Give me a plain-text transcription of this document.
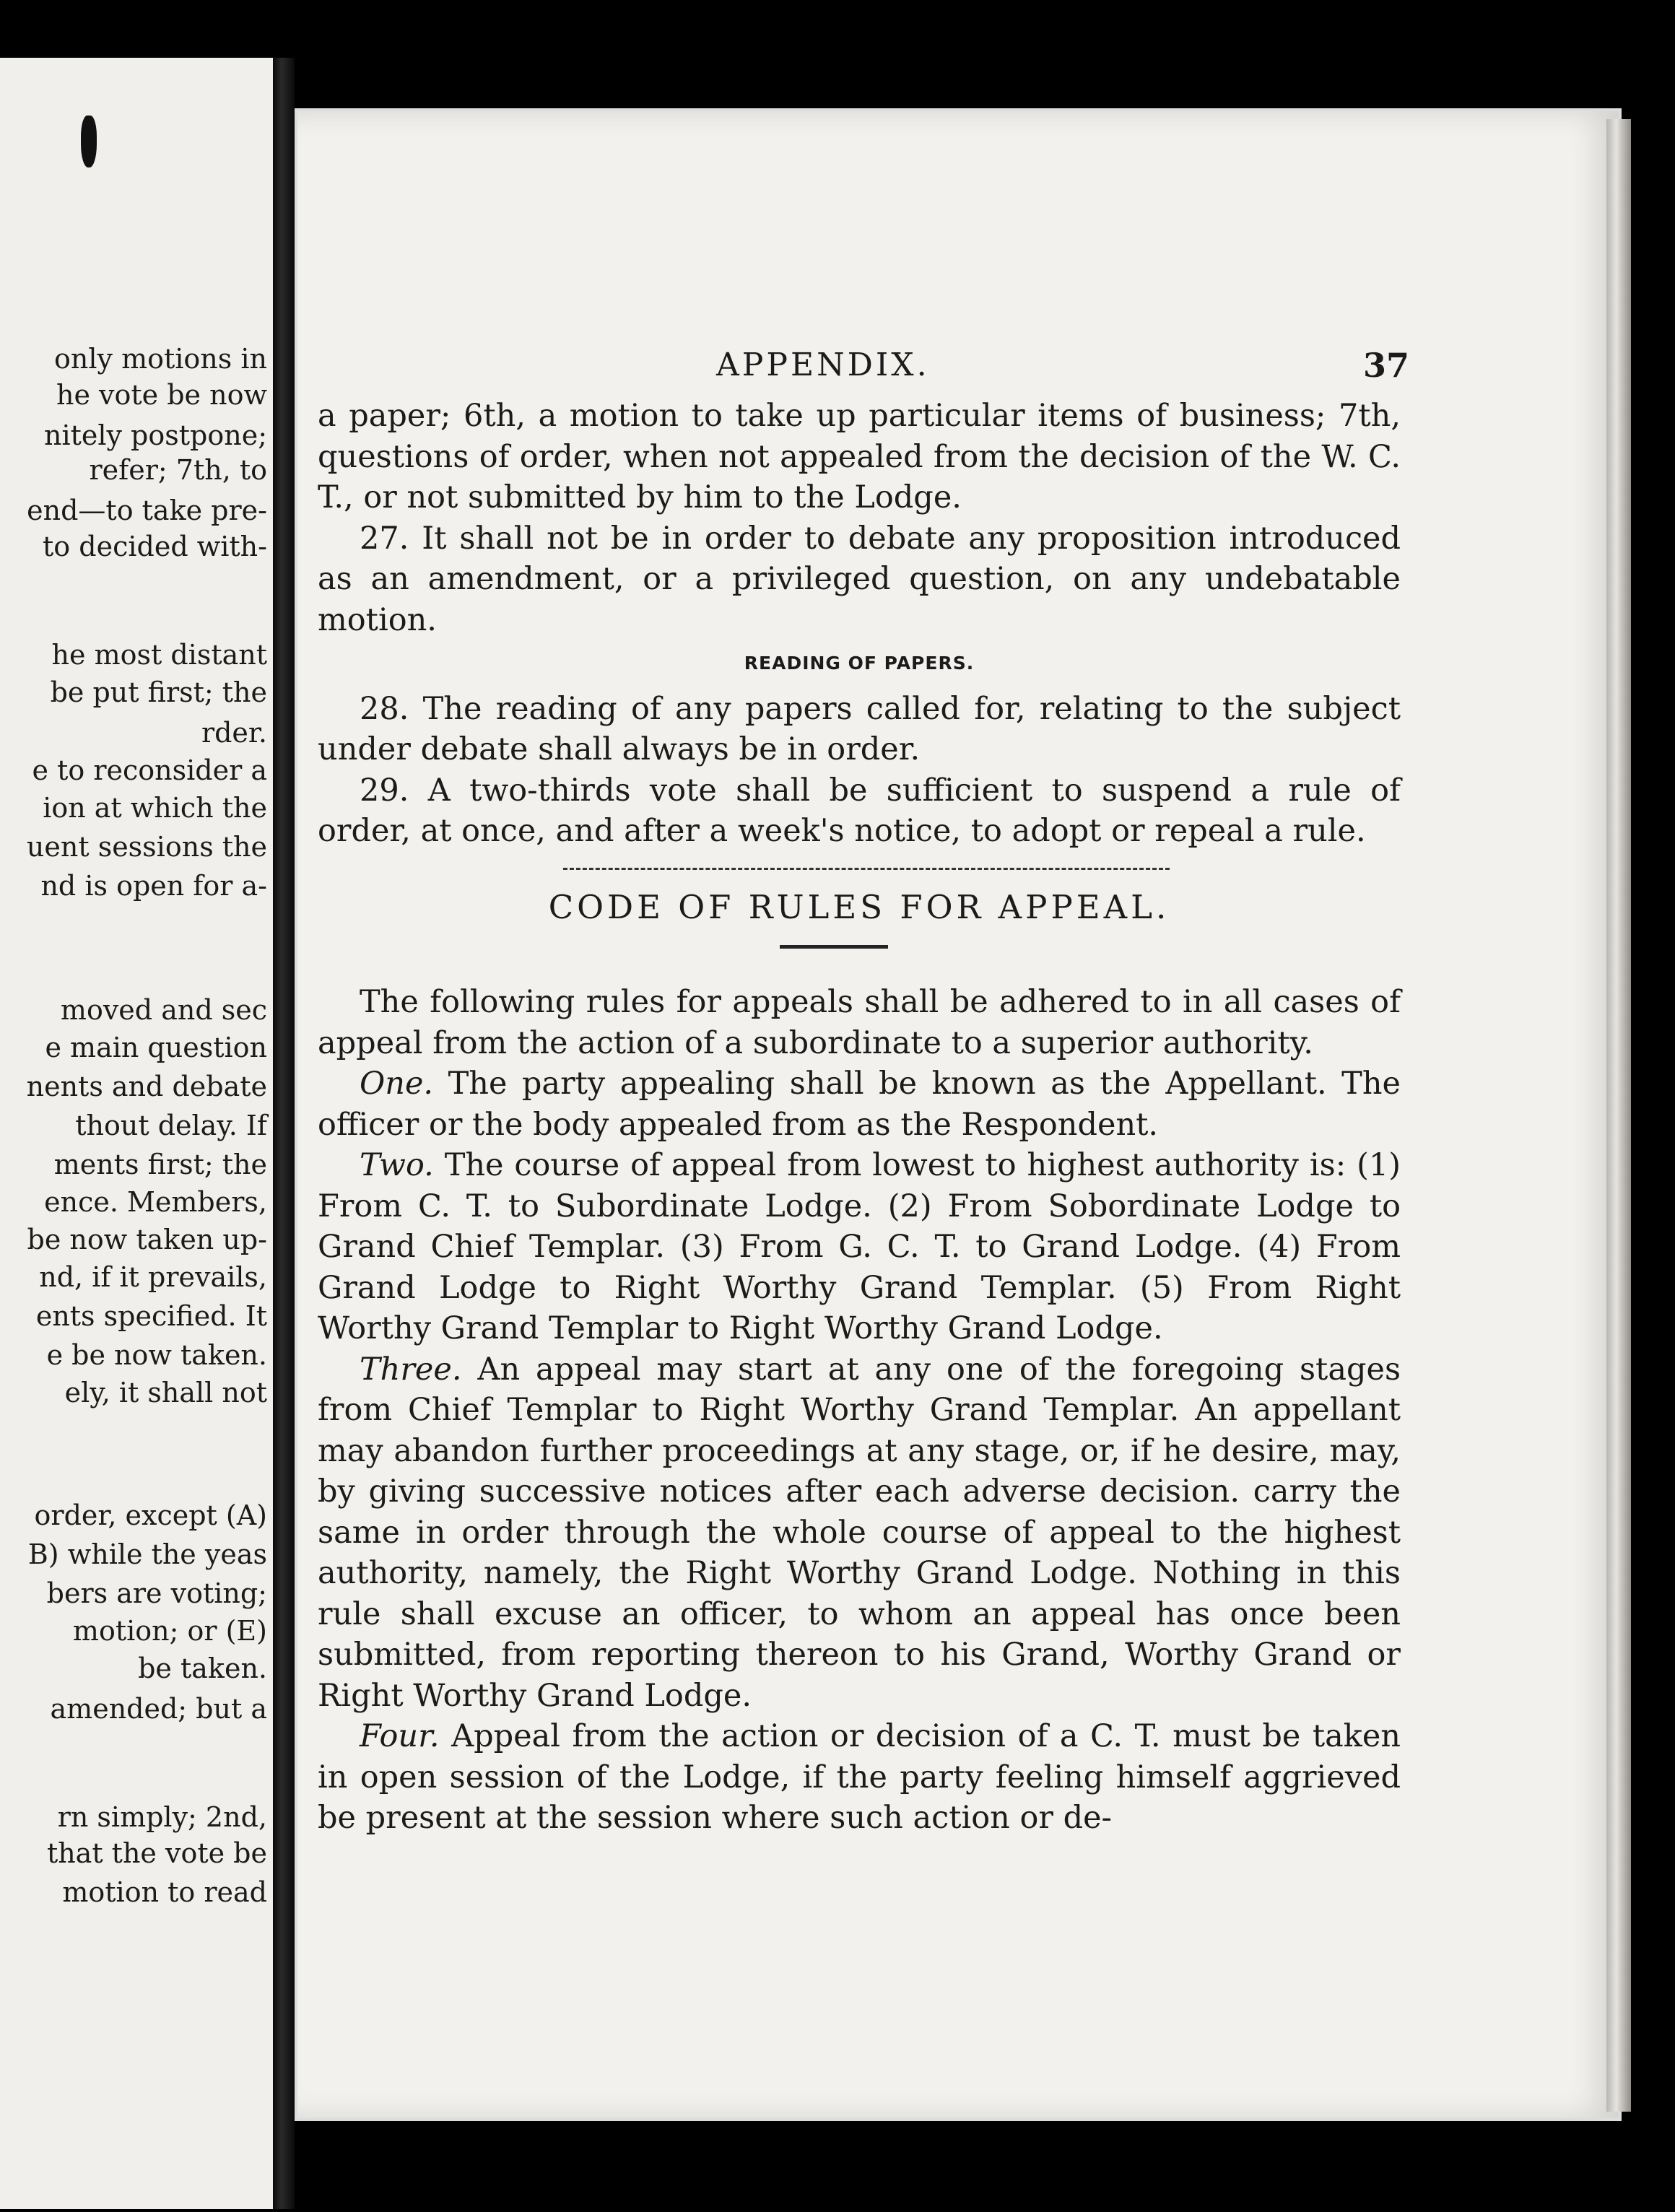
only motions in
he vote be now
nitely postpone;
refer; 7th, to
end—to take pre-
to decided with-
he most distant
be put first; the
rder.
e to reconsider a
ion at which the
uent sessions the
nd is open for a-
moved and sec
e main question
nents and debate
thout delay. If
ments first; the
ence. Members,
be now taken up-
nd, if it prevails,
ents specified. It
e be now taken.
ely, it shall not
order, except (A)
B) while the yeas
bers are voting;
motion; or (E)
be taken.
amended; but a
rn simply; 2nd,
that the vote be
motion to read
APPENDIX.	37

a paper; 6th, a motion to take up particular items of business; 7th, questions of order, when not appealed from the decision of the W. C. T., or not submitted by him to the Lodge.

27. It shall not be in order to debate any proposition introduced as an amendment, or a privileged question, on any undebatable motion.

READING OF PAPERS.

28. The reading of any papers called for, relating to the subject under debate shall always be in order.

29. A two-thirds vote shall be sufficient to suspend a rule of order, at once, and after a week's notice, to adopt or repeal a rule.

CODE OF RULES FOR APPEAL.

The following rules for appeals shall be adhered to in all cases of appeal from the action of a subordinate to a superior authority.

One. The party appealing shall be known as the Appellant. The officer or the body appealed from as the Respondent.

Two. The course of appeal from lowest to highest authority is: (1) From C. T. to Subordinate Lodge. (2) From Sobordinate Lodge to Grand Chief Templar. (3) From G. C. T. to Grand Lodge. (4) From Grand Lodge to Right Worthy Grand Templar. (5) From Right Worthy Grand Templar to Right Worthy Grand Lodge.

Three. An appeal may start at any one of the foregoing stages from Chief Templar to Right Worthy Grand Templar. An appellant may abandon further proceedings at any stage, or, if he desire, may, by giving successive notices after each adverse decision. carry the same in order through the whole course of appeal to the highest authority, namely, the Right Worthy Grand Lodge. Nothing in this rule shall excuse an officer, to whom an appeal has once been submitted, from reporting thereon to his Grand, Worthy Grand or Right Worthy Grand Lodge.

Four. Appeal from the action or decision of a C. T. must be taken in open session of the Lodge, if the party feeling himself aggrieved be present at the session where such action or de-
